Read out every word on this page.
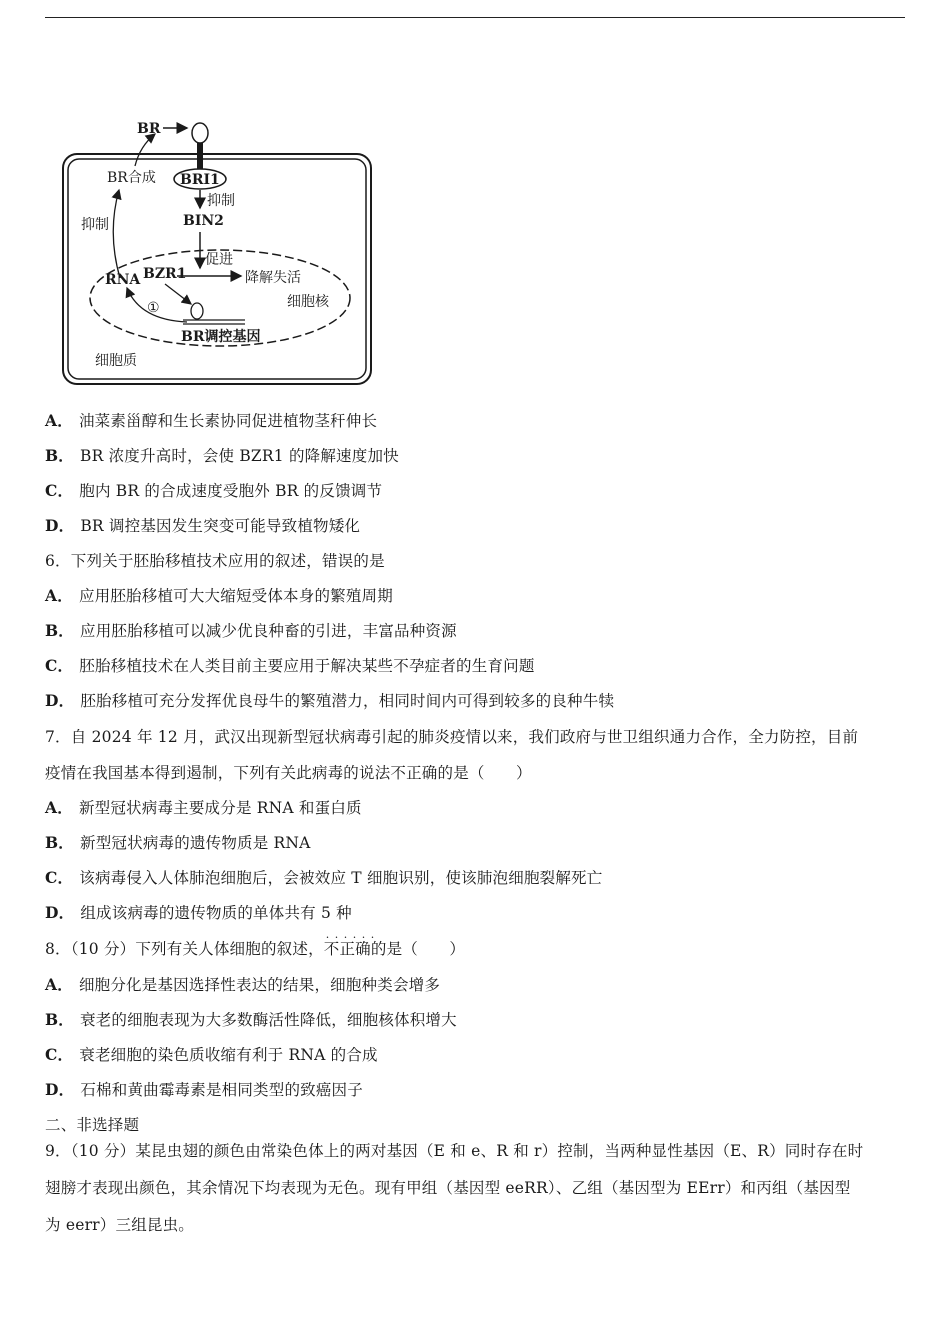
BRI1
BR
BR合成
抑制
BIN2
抑制
促进
RNA BZR1	降解失活
细胞核
①
BR调控基因
细胞质
A． 油菜素甾醇和生长素协同促进植物茎秆伸长
B． BR 浓度升高时，会使 BZR1 的降解速度加快
C． 胞内 BR 的合成速度受胞外 BR 的反馈调节
D． BR 调控基因发生突变可能导致植物矮化
6．下列关于胚胎移植技术应用的叙述，错误的是
A． 应用胚胎移植可大大缩短受体本身的繁殖周期
B． 应用胚胎移植可以减少优良种畜的引进，丰富品种资源
C． 胚胎移植技术在人类目前主要应用于解决某些不孕症者的生育问题
D． 胚胎移植可充分发挥优良母牛的繁殖潜力，相同时间内可得到较多的良种牛犊
7．自 2024 年 12 月，武汉出现新型冠状病毒引起的肺炎疫情以来，我们政府与世卫组织通力合作，全力防控，目前
疫情在我国基本得到遏制，下列有关此病毒的说法不正确的是（　　）
A． 新型冠状病毒主要成分是 RNA 和蛋白质
B． 新型冠状病毒的遗传物质是 RNA
C． 该病毒侵入人体肺泡细胞后，会被效应 T 细胞识别，使该肺泡细胞裂解死亡
D． 组成该病毒的遗传物质的单体共有 5 种
8．（10 分）下列有关人体细胞的叙述，不正确的是 · · ·（　　）
A． 细胞分化是基因选择性表达的结果，细胞种类会增多
B． 衰老的细胞表现为大多数酶活性降低，细胞核体积增大
C． 衰老细胞的染色质收缩有利于 RNA 的合成
D． 石棉和黄曲霉毒素是相同类型的致癌因子
二、非选择题
9．（10 分）某昆虫翅的颜色由常染色体上的两对基因（E 和 e、R 和 r）控制，当两种显性基因（E、R）同时存在时
翅膀才表现出颜色，其余情况下均表现为无色。现有甲组（基因型 eeRR）、乙组（基因型为 EErr）和丙组（基因型
为 eerr）三组昆虫。
